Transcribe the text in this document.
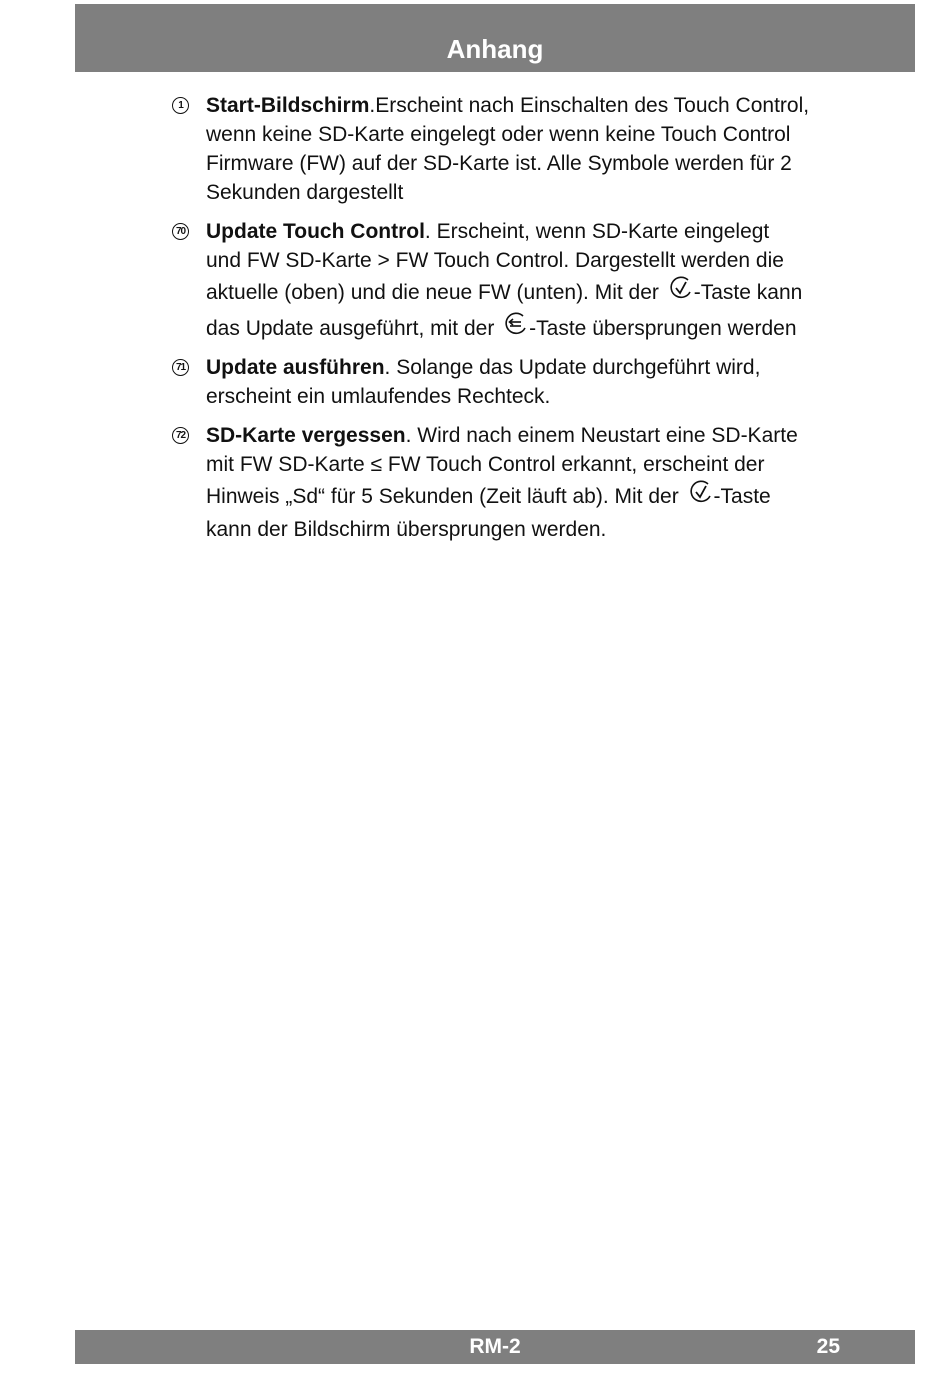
Anhang
1 Start-Bildschirm.Erscheint nach Einschalten des Touch Control,
wenn keine SD-Karte eingelegt oder wenn keine Touch Control
Firmware (FW) auf der SD-Karte ist. Alle Symbole werden für 2
Sekunden dargestellt
70 Update Touch Control. Erscheint, wenn SD-Karte eingelegt
und FW SD-Karte > FW Touch Control. Dargestellt werden die
aktuelle (oben) und die neue FW (unten). Mit der
-Taste kann
das Update ausgeführt, mit der
-Taste übersprungen werden
71 Update ausführen. Solange das Update durchgeführt wird,
erscheint ein umlaufendes Rechteck.
72 SD-Karte vergessen. Wird nach einem Neustart eine SD-Karte
mit FW SD-Karte ≤ FW Touch Control erkannt, erscheint der
Hinweis „Sd“ für 5 Sekunden (Zeit läuft ab). Mit der
-Taste
kann der Bildschirm übersprungen werden.
RM-2	25
